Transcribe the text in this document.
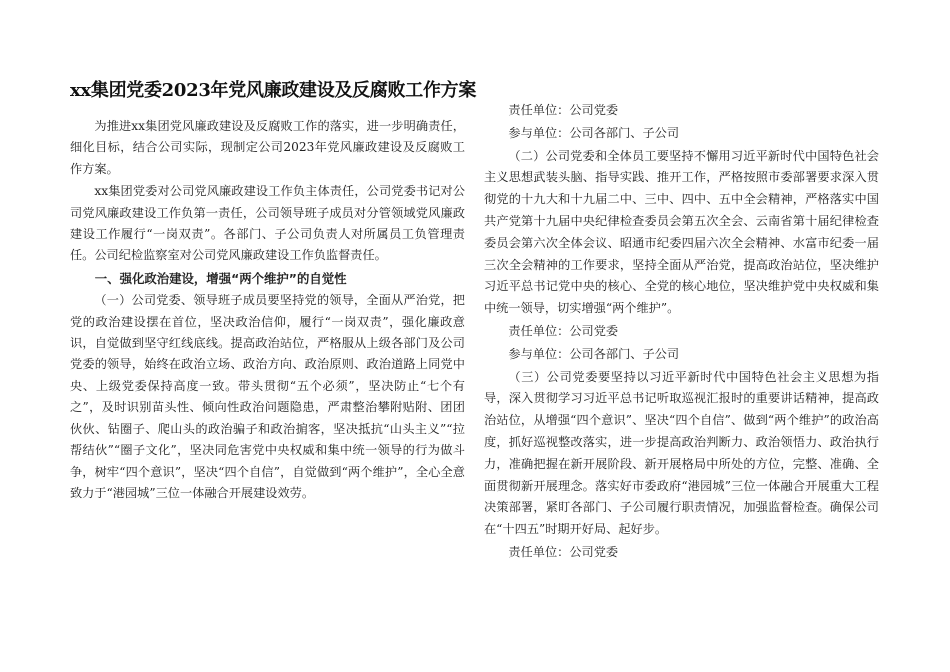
xx集团党委2023年党风廉政建设及反腐败工作方案

为推进xx集团党风廉政建设及反腐败工作的落实，进一步明确责任，细化目标，结合公司实际，现制定公司2023年党风廉政建设及反腐败工作方案。

xx集团党委对公司党风廉政建设工作负主体责任，公司党委书记对公司党风廉政建设工作负第一责任，公司领导班子成员对分管领域党风廉政建设工作履行“一岗双责”。各部门、子公司负责人对所属员工负管理责任。公司纪检监察室对公司党风廉政建设工作负监督责任。

一、强化政治建设，增强“两个维护”的自觉性

（一）公司党委、领导班子成员要坚持党的领导，全面从严治党，把党的政治建设摆在首位，坚决政治信仰，履行“一岗双责”，强化廉政意识，自觉做到坚守红线底线。提高政治站位，严格服从上级各部门及公司党委的领导，始终在政治立场、政治方向、政治原则、政治道路上同党中央、上级党委保持高度一致。带头贯彻“五个必须”，坚决防止“七个有之”，及时识别苗头性、倾向性政治问题隐患，严肃整治攀附贴附、团团伙伙、钻圈子、爬山头的政治骗子和政治掮客，坚决抵抗“山头主义”“拉帮结伙”“圈子文化”，坚决同危害党中央权威和集中统一领导的行为做斗争，树牢“四个意识”，坚决“四个自信”，自觉做到“两个维护”，全心全意致力于“港园城”三位一体融合开展建设效劳。

责任单位：公司党委

参与单位：公司各部门、子公司

（二）公司党委和全体员工要坚持不懈用习近平新时代中国特色社会主义思想武装头脑、指导实践、推开工作，严格按照市委部署要求深入贯彻党的十九大和十九届二中、三中、四中、五中全会精神，严格落实中国共产党第十九届中央纪律检查委员会第五次全会、云南省第十届纪律检查委员会第六次全体会议、昭通市纪委四届六次全会精神、水富市纪委一届三次全会精神的工作要求，坚持全面从严治党，提高政治站位，坚决维护习近平总书记党中央的核心、全党的核心地位，坚决维护党中央权威和集中统一领导，切实增强“两个维护”。

责任单位：公司党委

参与单位：公司各部门、子公司

（三）公司党委要坚持以习近平新时代中国特色社会主义思想为指导，深入贯彻学习习近平总书记听取巡视汇报时的重要讲话精神，提高政治站位，从增强“四个意识”、坚决“四个自信”、做到“两个维护”的政治高度，抓好巡视整改落实，进一步提高政治判断力、政治领悟力、政治执行力，准确把握在新开展阶段、新开展格局中所处的方位，完整、准确、全面贯彻新开展理念。落实好市委政府“港园城”三位一体融合开展重大工程决策部署，紧盯各部门、子公司履行职责情况，加强监督检查。确保公司在“十四五”时期开好局、起好步。

责任单位：公司党委
